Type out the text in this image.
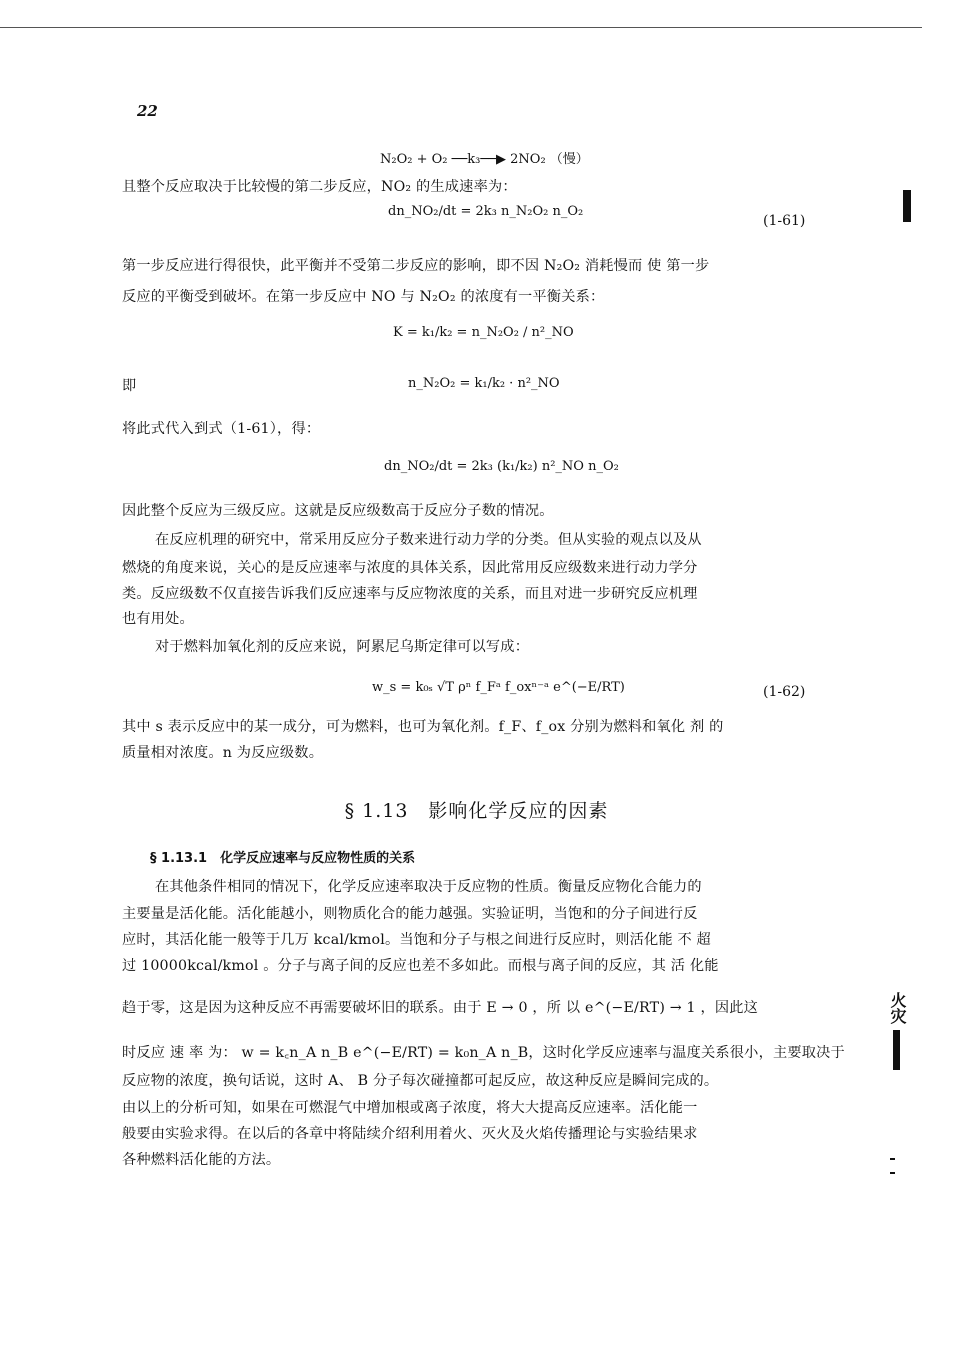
22
N₂O₂ + O₂ ──k₃──▶ 2NO₂ （慢）
且整个反应取决于比较慢的第二步反应，NO₂ 的生成速率为：
dn_NO₂/dt = 2k₃ n_N₂O₂ n_O₂
(1-61)
第一步反应进行得很快，此平衡并不受第二步反应的影响，即不因 N₂O₂ 消耗慢而 使 第一步
反应的平衡受到破坏。在第一步反应中 NO 与 N₂O₂ 的浓度有一平衡关系：
K = k₁/k₂ = n_N₂O₂ / n²_NO
即	n_N₂O₂ = k₁/k₂ · n²_NO
将此式代入到式（1-61），得：
dn_NO₂/dt = 2k₃ (k₁/k₂) n²_NO n_O₂
因此整个反应为三级反应。这就是反应级数高于反应分子数的情况。
在反应机理的研究中，常采用反应分子数来进行动力学的分类。但从实验的观点以及从
燃烧的角度来说，关心的是反应速率与浓度的具体关系，因此常用反应级数来进行动力学分
类。反应级数不仅直接告诉我们反应速率与反应物浓度的关系，而且对进一步研究反应机理
也有用处。
对于燃料加氧化剂的反应来说，阿累尼乌斯定律可以写成：
w_s = k₀ₛ √T ρⁿ f_Fᵃ f_oxⁿ⁻ᵃ e^(−E/RT)	(1-62)
其中 s 表示反应中的某一成分，可为燃料，也可为氧化剂。f_F、f_ox 分别为燃料和氧化 剂 的
质量相对浓度。n 为反应级数。
§ 1.13　影响化学反应的因素
§ 1.13.1　化学反应速率与反应物性质的关系
在其他条件相同的情况下，化学反应速率取决于反应物的性质。衡量反应物化合能力的
主要量是活化能。活化能越小，则物质化合的能力越强。实验证明，当饱和的分子间进行反
应时，其活化能一般等于几万 kcal/kmol。当饱和分子与根之间进行反应时，则活化能 不 超
过 10000kcal/kmol 。分子与离子间的反应也差不多如此。而根与离子间的反应，其 活 化能
趋于零，这是因为这种反应不再需要破坏旧的联系。由于 E → 0 ，所 以 e^(−E/RT) → 1 ，因此这
时反应 速 率 为： w = k꜀n_A n_B e^(−E/RT) = k₀n_A n_B，这时化学反应速率与温度关系很小，主要取决于
反应物的浓度，换句话说，这时 A、 B 分子每次碰撞都可起反应，故这种反应是瞬间完成的。
由以上的分析可知，如果在可燃混气中增加根或离子浓度，将大大提高反应速率。活化能一
般要由实验求得。在以后的各章中将陆续介绍利用着火、灭火及火焰传播理论与实验结果求
各种燃料活化能的方法。
火灾
